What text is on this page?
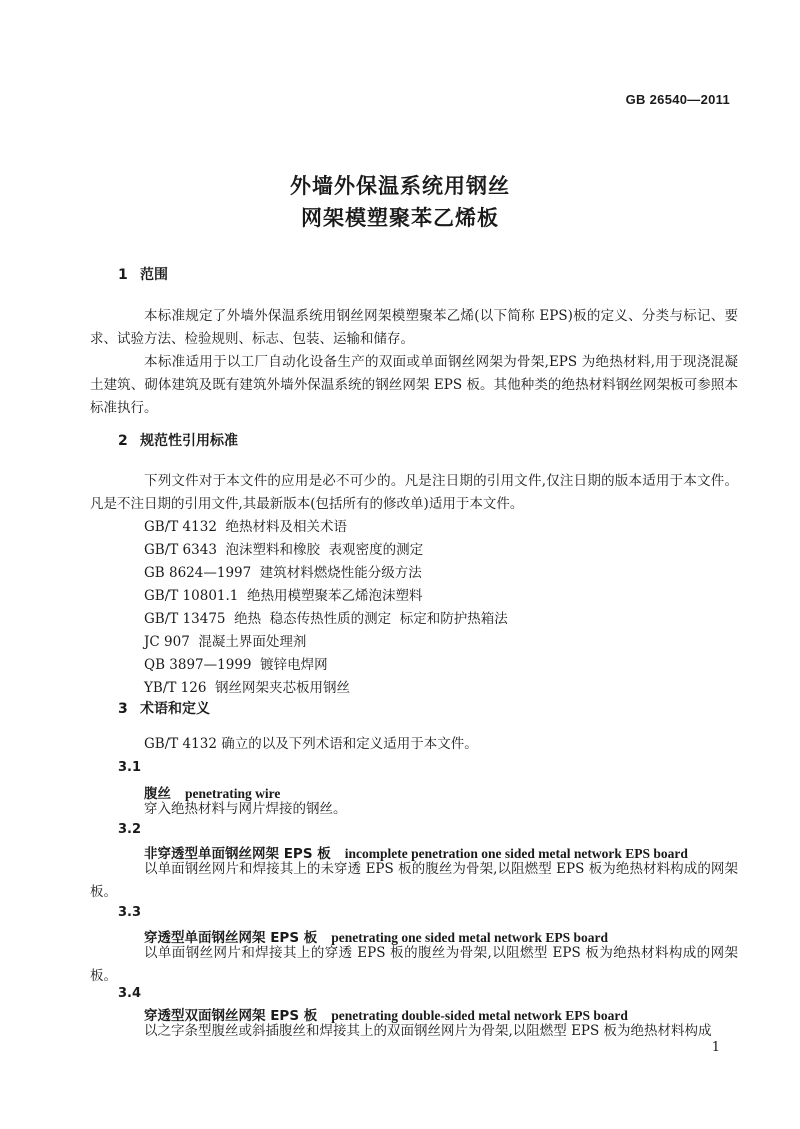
GB 26540—2011
外墙外保温系统用钢丝
网架模塑聚苯乙烯板
1 范围
本标准规定了外墙外保温系统用钢丝网架模塑聚苯乙烯(以下简称 EPS)板的定义、分类与标记、要求、试验方法、检验规则、标志、包装、运输和储存。
本标准适用于以工厂自动化设备生产的双面或单面钢丝网架为骨架,EPS 为绝热材料,用于现浇混凝土建筑、砌体建筑及既有建筑外墙外保温系统的钢丝网架 EPS 板。其他种类的绝热材料钢丝网架板可参照本标准执行。
2 规范性引用标准
下列文件对于本文件的应用是必不可少的。凡是注日期的引用文件,仅注日期的版本适用于本文件。凡是不注日期的引用文件,其最新版本(包括所有的修改单)适用于本文件。
GB/T 4132  绝热材料及相关术语
GB/T 6343  泡沫塑料和橡胶  表观密度的测定
GB 8624—1997  建筑材料燃烧性能分级方法
GB/T 10801.1  绝热用模塑聚苯乙烯泡沫塑料
GB/T 13475  绝热  稳态传热性质的测定  标定和防护热箱法
JC 907  混凝土界面处理剂
QB 3897—1999  镀锌电焊网
YB/T 126  钢丝网架夹芯板用钢丝
3 术语和定义
GB/T 4132 确立的以及下列术语和定义适用于本文件。
3.1
腹丝 penetrating wire
穿入绝热材料与网片焊接的钢丝。
3.2
非穿透型单面钢丝网架 EPS 板 incomplete penetration one sided metal network EPS board
以单面钢丝网片和焊接其上的未穿透 EPS 板的腹丝为骨架,以阻燃型 EPS 板为绝热材料构成的网架板。
3.3
穿透型单面钢丝网架 EPS 板 penetrating one sided metal network EPS board
以单面钢丝网片和焊接其上的穿透 EPS 板的腹丝为骨架,以阻燃型 EPS 板为绝热材料构成的网架板。
3.4
穿透型双面钢丝网架 EPS 板 penetrating double-sided metal network EPS board
以之字条型腹丝或斜插腹丝和焊接其上的双面钢丝网片为骨架,以阻燃型 EPS 板为绝热材料构成
1
